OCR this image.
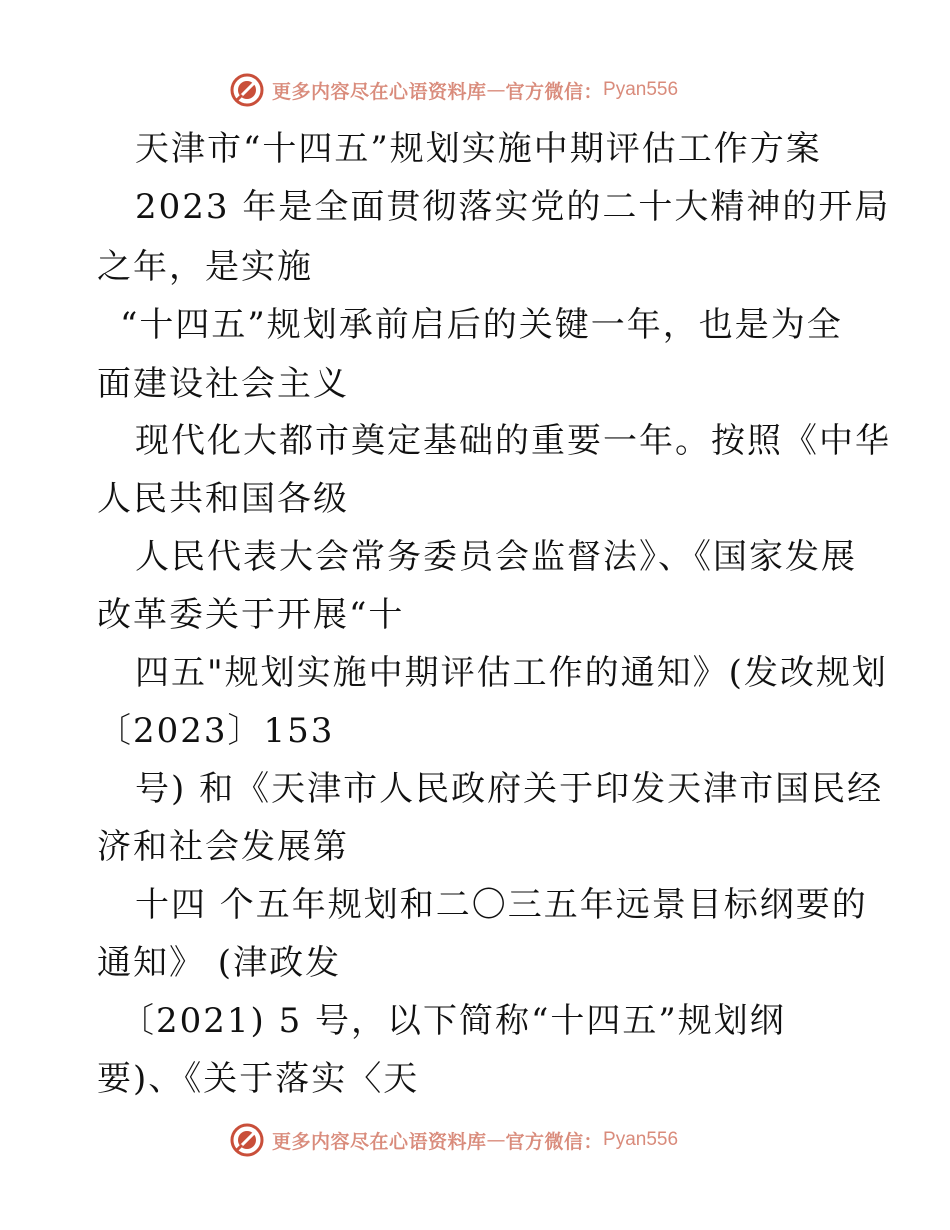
更多内容尽在心语资料库 — 官方微信： Pyan556
天津市“十四五”规划实施中期评估工作方案
2023 年是全面贯彻落实党的二十大精神的开局
之年，是实施
“十四五”规划承前启后的关键一年，也是为全
面建设社会主义
现代化大都市奠定基础的重要一年。按照《中华
人民共和国各级
人民代表大会常务委员会监督法》、《国家发展
改革委关于开展“十
四五"规划实施中期评估工作的通知》(发改规划
〔2023〕153
号) 和《天津市人民政府关于印发天津市国民经
济和社会发展第
十四 个五年规划和二〇三五年远景目标纲要的
通知》 (津政发
〔2021) 5 号，以下简称“十四五”规划纲
要)、《关于落实〈天
更多内容尽在心语资料库 — 官方微信： Pyan556
